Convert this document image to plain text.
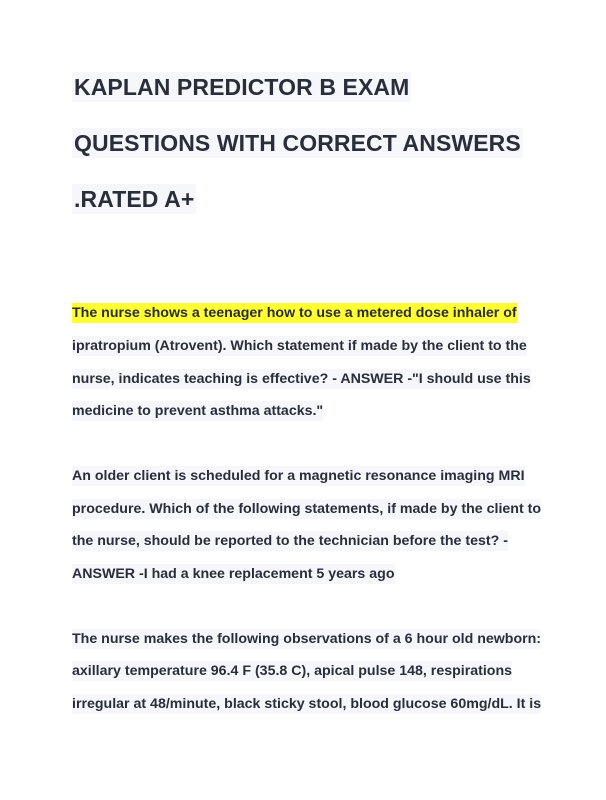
KAPLAN PREDICTOR B EXAM
QUESTIONS WITH CORRECT ANSWERS
.RATED A+
The nurse shows a teenager how to use a metered dose inhaler of
ipratropium (Atrovent). Which statement if made by the client to the
nurse, indicates teaching is effective? - ANSWER -"I should use this
medicine to prevent asthma attacks."
An older client is scheduled for a magnetic resonance imaging MRI
procedure. Which of the following statements, if made by the client to
the nurse, should be reported to the technician before the test? -
ANSWER -I had a knee replacement 5 years ago
The nurse makes the following observations of a 6 hour old newborn:
axillary temperature 96.4 F (35.8 C), apical pulse 148, respirations
irregular at 48/minute, black sticky stool, blood glucose 60mg/dL. It is
